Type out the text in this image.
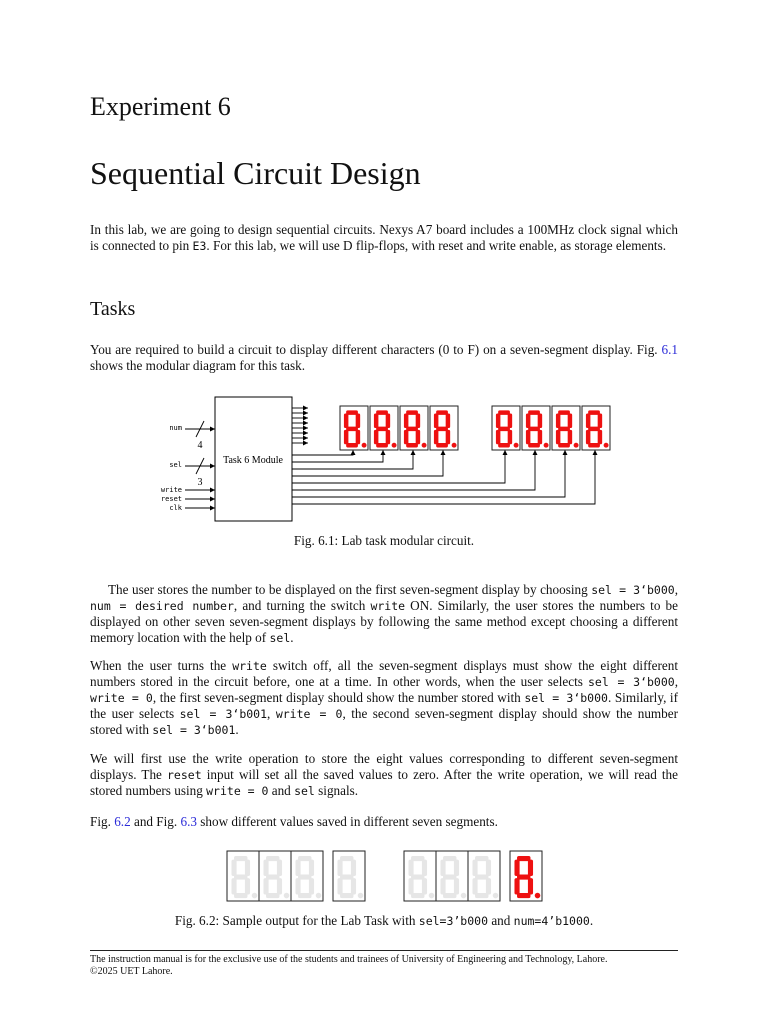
Experiment 6
Sequential Circuit Design

In this lab, we are going to design sequential circuits. Nexys A7 board includes a 100MHz clock signal which is connected to pin E3. For this lab, we will use D flip-flops, with reset and write enable, as storage elements.

Tasks

You are required to build a circuit to display different characters (0 to F) on a seven-segment display. Fig. 6.1 shows the modular diagram for this task.

Task 6 Module
num
sel
write
reset
clk
4
3
Fig. 6.1: Lab task modular circuit.

The user stores the number to be displayed on the first seven-segment display by choosing sel = 3‘b000, num = desired number, and turning the switch write ON. Similarly, the user stores the numbers to be displayed on other seven seven-segment displays by following the same method except choosing a different memory location with the help of sel.

When the user turns the write switch off, all the seven-segment displays must show the eight different numbers stored in the circuit before, one at a time. In other words, when the user selects sel = 3‘b000, write = 0, the first seven-segment display should show the number stored with sel = 3‘b000. Similarly, if the user selects sel = 3‘b001, write = 0, the second seven-segment display should show the number stored with sel = 3‘b001.

We will first use the write operation to store the eight values corresponding to different seven-segment displays. The reset input will set all the saved values to zero. After the write operation, we will read the stored numbers using write = 0 and sel signals.

Fig. 6.2 and Fig. 6.3 show different values saved in different seven segments.

Fig. 6.2: Sample output for the Lab Task with sel=3’b000 and num=4’b1000.
The instruction manual is for the exclusive use of the students and trainees of University of Engineering and Technology, Lahore.
©2025 UET Lahore.
